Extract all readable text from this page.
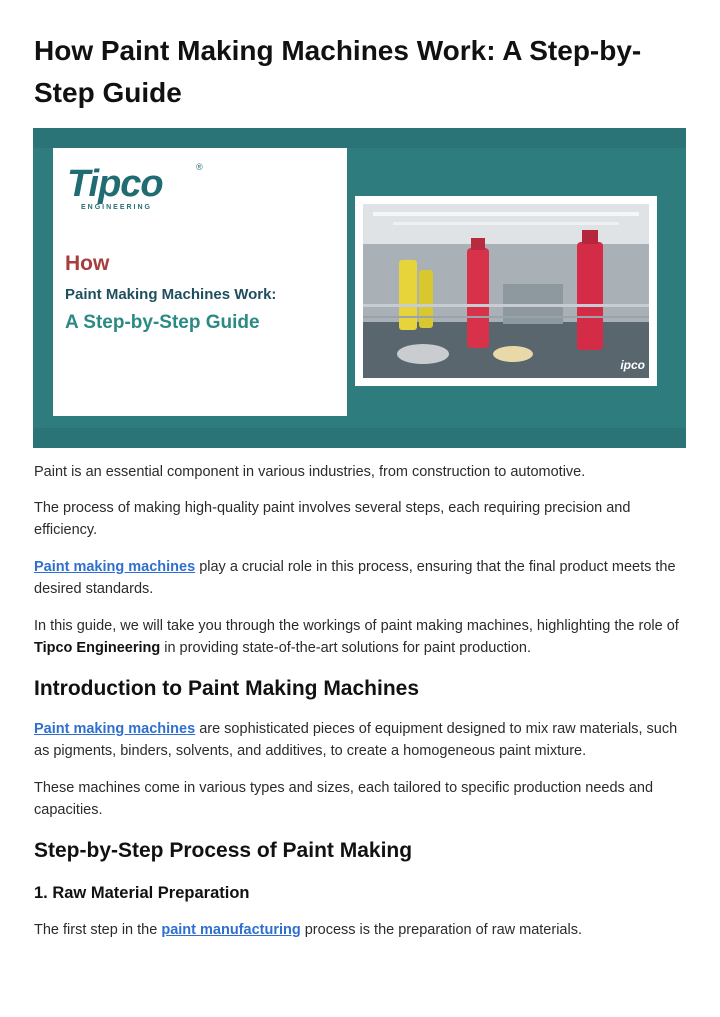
How Paint Making Machines Work: A Step-by-Step Guide
Tipco
ENGINEERING
®
How
Paint Making Machines Work:
A Step-by-Step Guide
ipco

Paint is an essential component in various industries, from construction to automotive.

The process of making high-quality paint involves several steps, each requiring precision and efficiency.

Paint making machines play a crucial role in this process, ensuring that the final product meets the desired standards.

In this guide, we will take you through the workings of paint making machines, highlighting the role of Tipco Engineering in providing state-of-the-art solutions for paint production.

Introduction to Paint Making Machines

Paint making machines are sophisticated pieces of equipment designed to mix raw materials, such as pigments, binders, solvents, and additives, to create a homogeneous paint mixture.

These machines come in various types and sizes, each tailored to specific production needs and capacities.

Step-by-Step Process of Paint Making
1. Raw Material Preparation

The first step in the paint manufacturing process is the preparation of raw materials.
